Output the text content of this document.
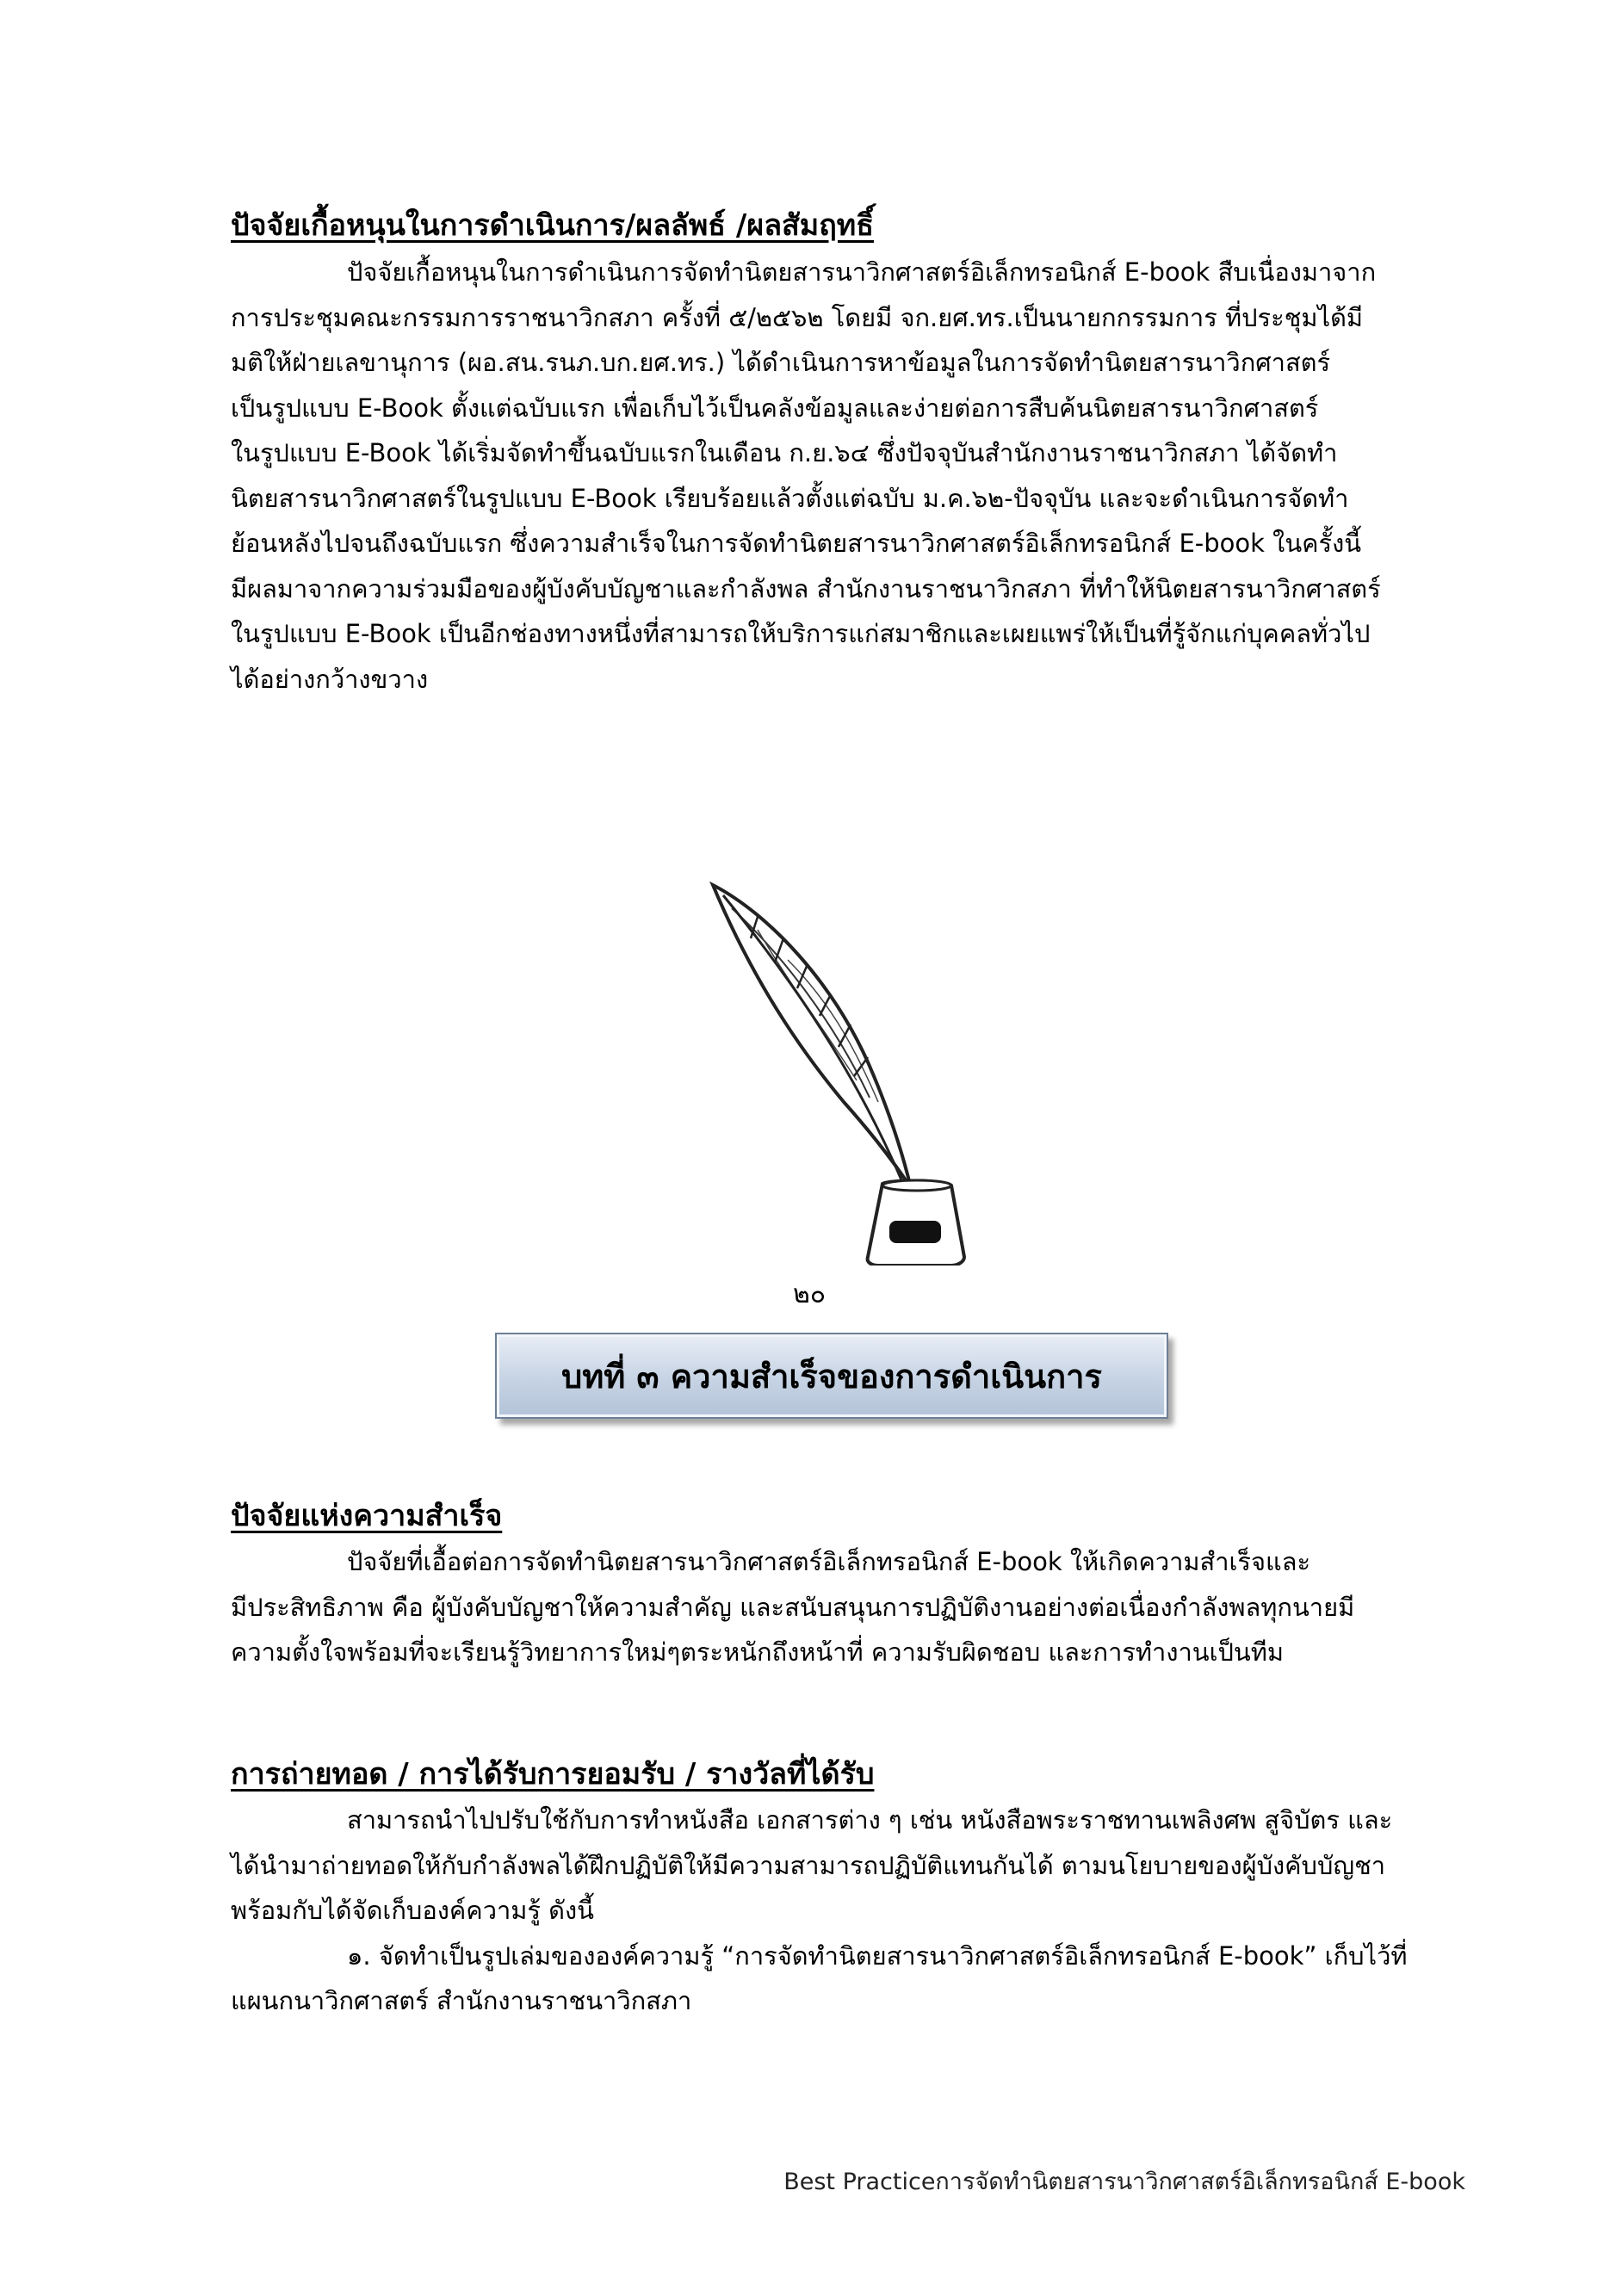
ปัจจัยเกื้อหนุนในการดำเนินการ/ผลลัพธ์ /ผลสัมฤทธิ์

ปัจจัยเกื้อหนุนในการดำเนินการจัดทำนิตยสารนาวิกศาสตร์อิเล็กทรอนิกส์ E-book สืบเนื่องมาจาก

การประชุมคณะกรรมการราชนาวิกสภา ครั้งที่ ๕/๒๕๖๒ โดยมี จก.ยศ.ทร.เป็นนายกกรรมการ ที่ประชุมได้มี

มติให้ฝ่ายเลขานุการ (ผอ.สน.รนภ.บก.ยศ.ทร.) ได้ดำเนินการหาข้อมูลในการจัดทำนิตยสารนาวิกศาสตร์

เป็นรูปแบบ E-Book ตั้งแต่ฉบับแรก เพื่อเก็บไว้เป็นคลังข้อมูลและง่ายต่อการสืบค้นนิตยสารนาวิกศาสตร์

ในรูปแบบ E-Book ได้เริ่มจัดทำขึ้นฉบับแรกในเดือน ก.ย.๖๔ ซึ่งปัจจุบันสำนักงานราชนาวิกสภา ได้จัดทำ

นิตยสารนาวิกศาสตร์ในรูปแบบ E-Book เรียบร้อยแล้วตั้งแต่ฉบับ ม.ค.๖๒-ปัจจุบัน และจะดำเนินการจัดทำ

ย้อนหลังไปจนถึงฉบับแรก ซึ่งความสำเร็จในการจัดทำนิตยสารนาวิกศาสตร์อิเล็กทรอนิกส์ E-book ในครั้งนี้

มีผลมาจากความร่วมมือของผู้บังคับบัญชาและกำลังพล สำนักงานราชนาวิกสภา ที่ทำให้นิตยสารนาวิกศาสตร์

ในรูปแบบ E-Book เป็นอีกช่องทางหนึ่งที่สามารถให้บริการแก่สมาชิกและเผยแพร่ให้เป็นที่รู้จักแก่บุคคลทั่วไป

ได้อย่างกว้างขวาง

๒๐
บทที่ ๓ ความสำเร็จของการดำเนินการ
ปัจจัยแห่งความสำเร็จ

ปัจจัยที่เอื้อต่อการจัดทำนิตยสารนาวิกศาสตร์อิเล็กทรอนิกส์ E-book ให้เกิดความสำเร็จและ

มีประสิทธิภาพ คือ ผู้บังคับบัญชาให้ความสำคัญ และสนับสนุนการปฏิบัติงานอย่างต่อเนื่องกำลังพลทุกนายมี

ความตั้งใจพร้อมที่จะเรียนรู้วิทยาการใหม่ๆตระหนักถึงหน้าที่ ความรับผิดชอบ และการทำงานเป็นทีม

การถ่ายทอด / การได้รับการยอมรับ / รางวัลที่ได้รับ

สามารถนำไปปรับใช้กับการทำหนังสือ เอกสารต่าง ๆ เช่น หนังสือพระราชทานเพลิงศพ สูจิบัตร และ

ได้นำมาถ่ายทอดให้กับกำลังพลได้ฝึกปฏิบัติให้มีความสามารถปฏิบัติแทนกันได้ ตามนโยบายของผู้บังคับบัญชา

พร้อมกับได้จัดเก็บองค์ความรู้ ดังนี้

๑. จัดทำเป็นรูปเล่มขององค์ความรู้ “การจัดทำนิตยสารนาวิกศาสตร์อิเล็กทรอนิกส์ E-book” เก็บไว้ที่

แผนกนาวิกศาสตร์ สำนักงานราชนาวิกสภา

Best Practiceการจัดทำนิตยสารนาวิกศาสตร์อิเล็กทรอนิกส์ E-book
